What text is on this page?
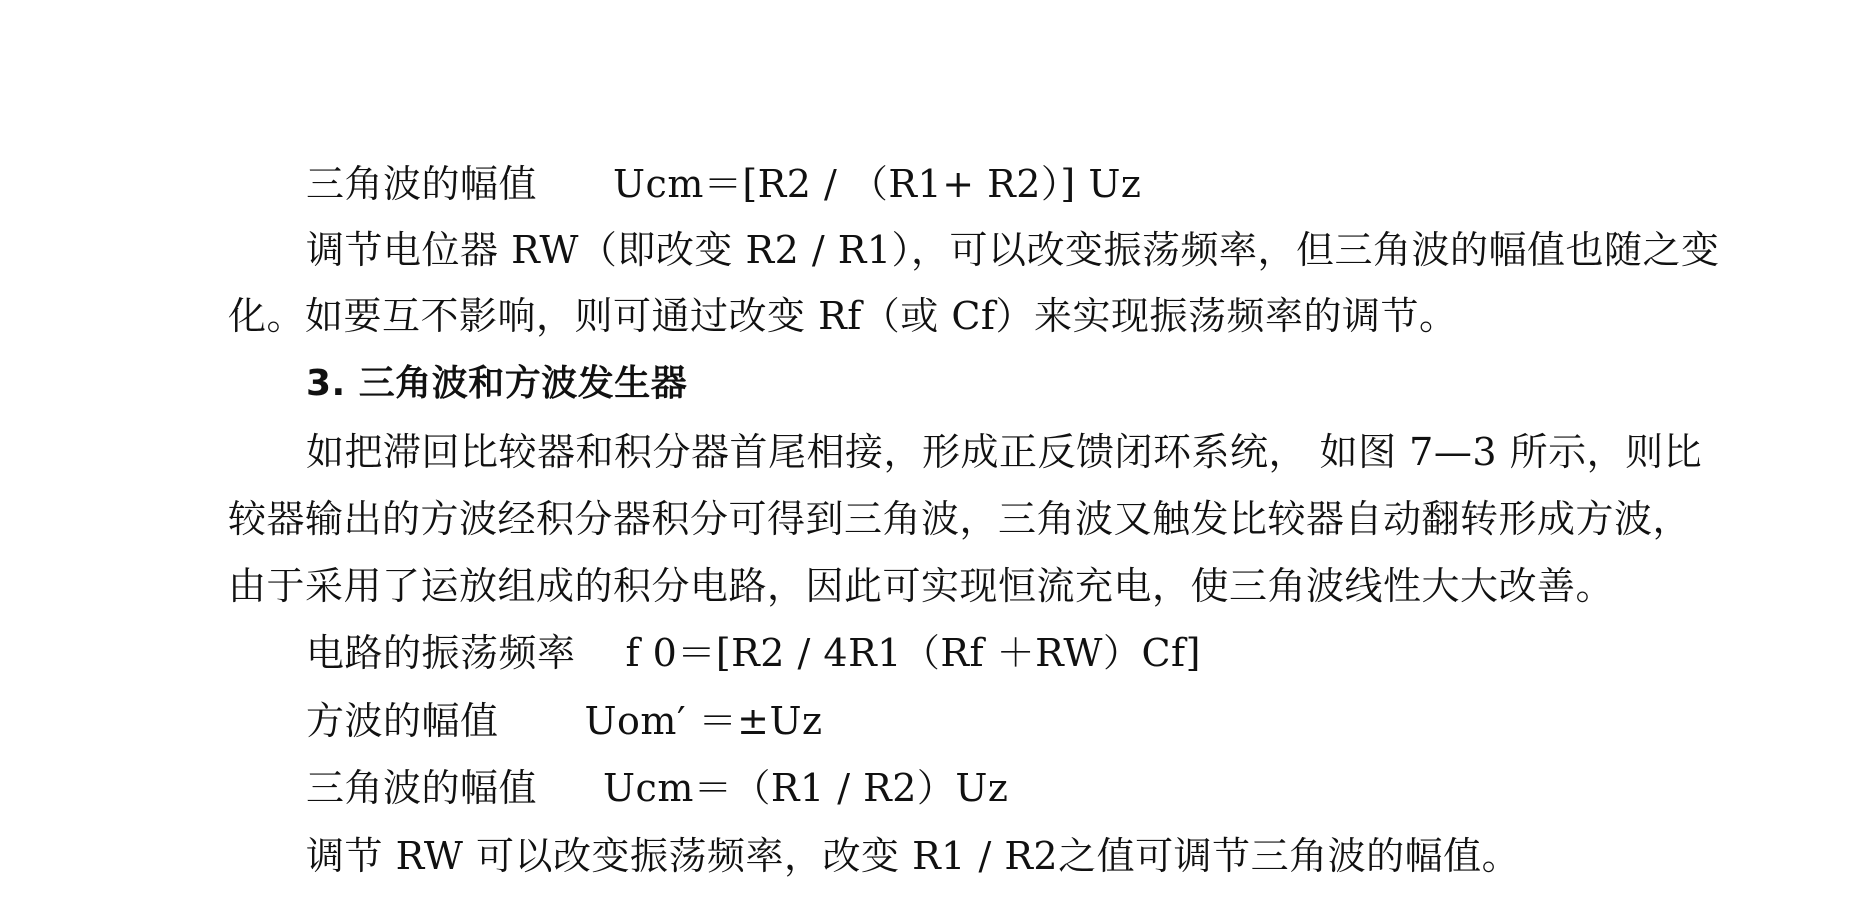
三角波的幅值 Ucm＝[R2 / （R1+ R2）] Uz
调节电位器 RW（即改变 R2 / R1），可以改变振荡频率，但三角波的幅值也随之变
化。如要互不影响，则可通过改变 Rf（或 Cf）来实现振荡频率的调节。
3. 三角波和方波发生器
如把滞回比较器和积分器首尾相接，形成正反馈闭环系统， 如图 7—3 所示，则比
较器输出的方波经积分器积分可得到三角波，三角波又触发比较器自动翻转形成方波，
由于采用了运放组成的积分电路，因此可实现恒流充电，使三角波线性大大改善。
电路的振荡频率 f 0＝[R2 / 4R1（Rf ＋RW）Cf]
方波的幅值 Uom′ ＝±Uz
三角波的幅值 Ucm＝（R1 / R2）Uz
调节 RW 可以改变振荡频率，改变 R1 / R2之值可调节三角波的幅值。
